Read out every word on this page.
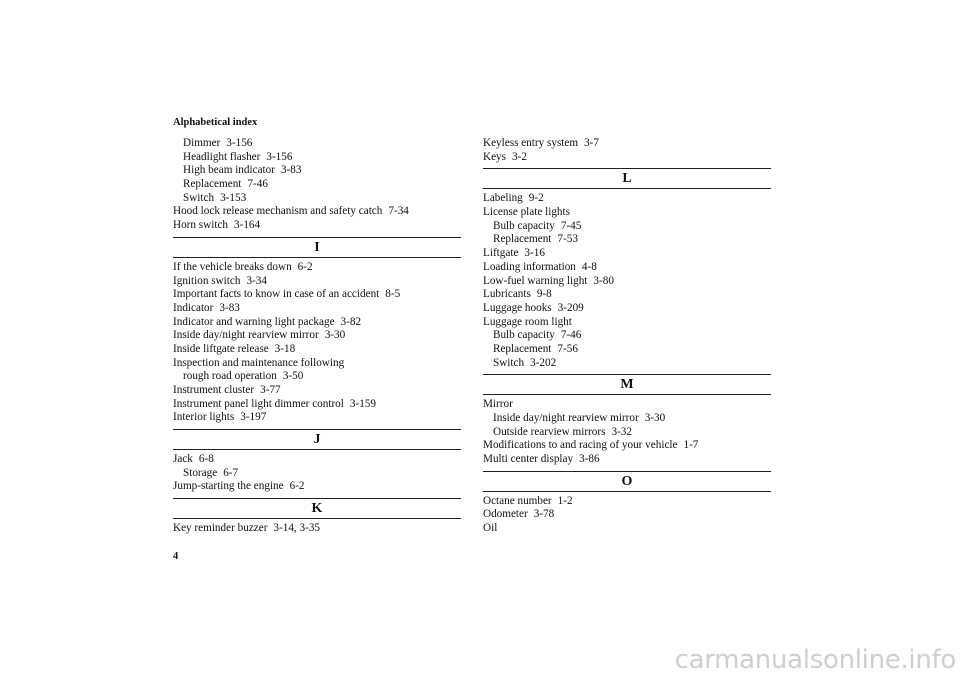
Alphabetical index
Dimmer 3-156
Headlight flasher 3-156
High beam indicator 3-83
Replacement 7-46
Switch 3-153
Hood lock release mechanism and safety catch 7-34
Horn switch 3-164
I
If the vehicle breaks down 6-2
Ignition switch 3-34
Important facts to know in case of an accident 8-5
Indicator 3-83
Indicator and warning light package 3-82
Inside day/night rearview mirror 3-30
Inside liftgate release 3-18
Inspection and maintenance following
rough road operation 3-50
Instrument cluster 3-77
Instrument panel light dimmer control 3-159
Interior lights 3-197
J
Jack 6-8
Storage 6-7
Jump-starting the engine 6-2
K
Key reminder buzzer 3-14, 3-35
Keyless entry system 3-7
Keys 3-2
L
Labeling 9-2
License plate lights
Bulb capacity 7-45
Replacement 7-53
Liftgate 3-16
Loading information 4-8
Low-fuel warning light 3-80
Lubricants 9-8
Luggage hooks 3-209
Luggage room light
Bulb capacity 7-46
Replacement 7-56
Switch 3-202
M
Mirror
Inside day/night rearview mirror 3-30
Outside rearview mirrors 3-32
Modifications to and racing of your vehicle 1-7
Multi center display 3-86
O
Octane number 1-2
Odometer 3-78
Oil
4
carmanualsonline.info
